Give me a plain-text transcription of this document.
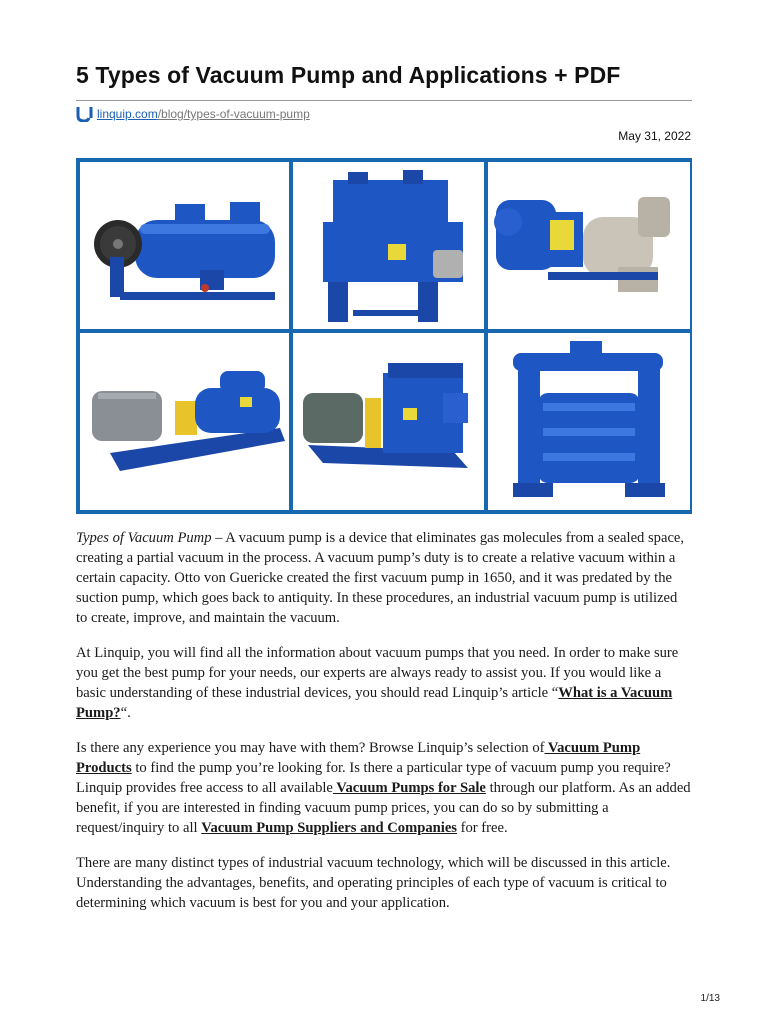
5 Types of Vacuum Pump and Applications + PDF
linquip.com/blog/types-of-vacuum-pump
May 31, 2022

Types of Vacuum Pump – A vacuum pump is a device that eliminates gas molecules from a sealed space, creating a partial vacuum in the process. A vacuum pump’s duty is to create a relative vacuum within a certain capacity. Otto von Guericke created the first vacuum pump in 1650, and it was predated by the suction pump, which goes back to antiquity. In these procedures, an industrial vacuum pump is utilized to create, improve, and maintain the vacuum.

At Linquip, you will find all the information about vacuum pumps that you need. In order to make sure you get the best pump for your needs, our experts are always ready to assist you. If you would like a basic understanding of these industrial devices, you should read Linquip’s article “What is a Vacuum Pump?“.

Is there any experience you may have with them? Browse Linquip’s selection of Vacuum Pump Products to find the pump you’re looking for. Is there a particular type of vacuum pump you require? Linquip provides free access to all available Vacuum Pumps for Sale through our platform. As an added benefit, if you are interested in finding vacuum pump prices, you can do so by submitting a request/inquiry to all Vacuum Pump Suppliers and Companies for free.

There are many distinct types of industrial vacuum technology, which will be discussed in this article. Understanding the advantages, benefits, and operating principles of each type of vacuum is critical to determining which vacuum is best for you and your application.

1/13
